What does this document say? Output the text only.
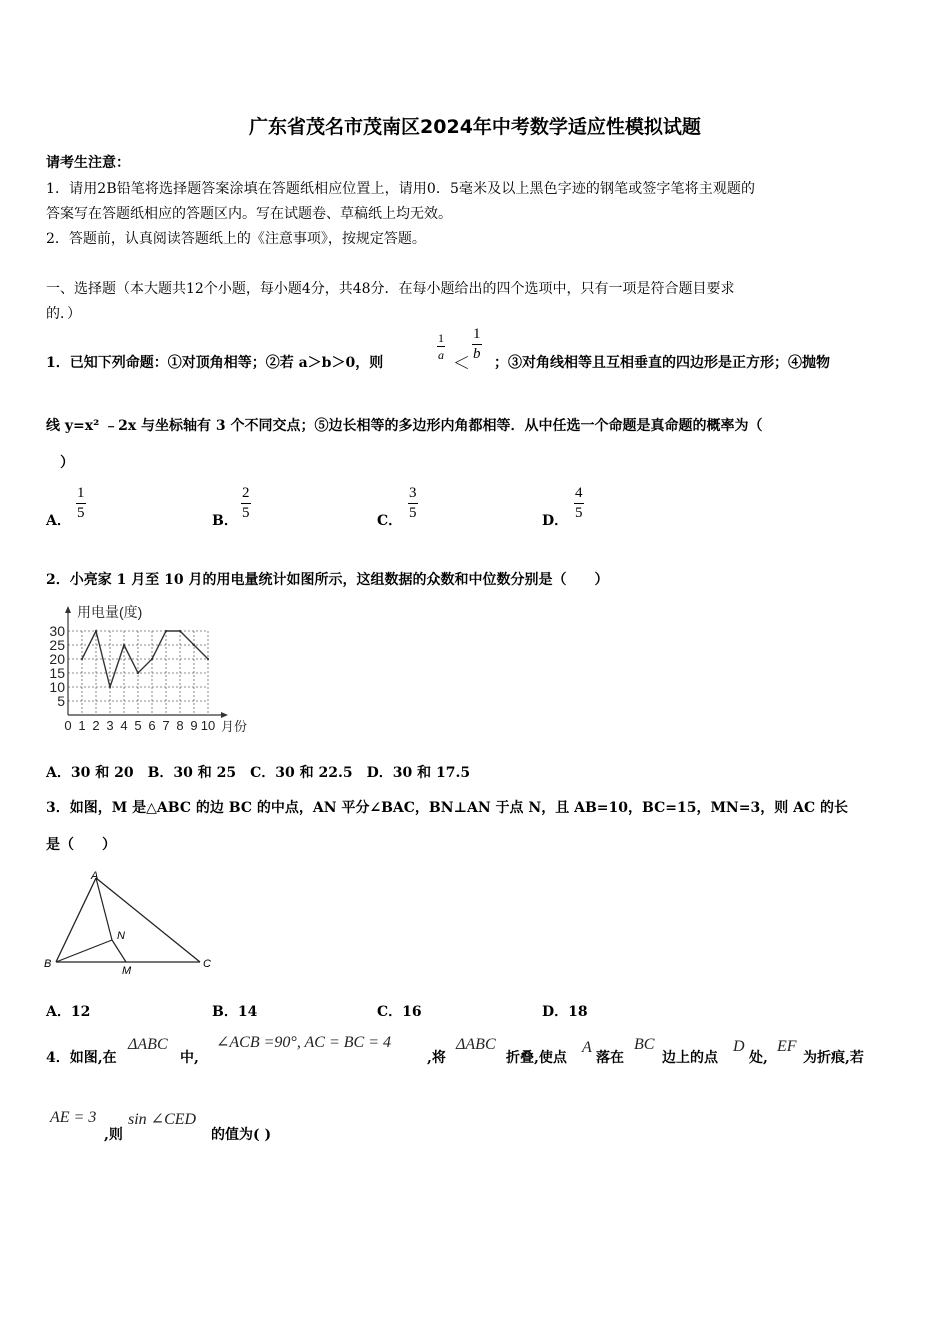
广东省茂名市茂南区2024年中考数学适应性模拟试题
请考生注意：
1．请用2B铅笔将选择题答案涂填在答题纸相应位置上，请用0．5毫米及以上黑色字迹的钢笔或签字笔将主观题的
答案写在答题纸相应的答题区内。写在试题卷、草稿纸上均无效。
2．答题前，认真阅读答题纸上的《注意事项》，按规定答题。
一、选择题（本大题共12个小题，每小题4分，共48分．在每小题给出的四个选项中，只有一项是符合题目要求
的．）
1．已知下列命题：①对顶角相等；②若 a＞b＞0，则
$\frac{1}{a}$
＜
$\frac{1}{b}$
；③对角线相等且互相垂直的四边形是正方形；④抛物
线 y=x² ﹣2x 与坐标轴有 3 个不同交点；⑤边长相等的多边形内角都相等．从中任选一个命题是真命题的概率为（
）
A． $\frac{1}{5}$	B． $\frac{2}{5}$	C． $\frac{3}{5}$	D． $\frac{4}{5}$
2．小亮家 1 月至 10 月的用电量统计如图所示，这组数据的众数和中位数分别是（　　）
5
10
15
20
25
30
0 1 2 3 4 5 6 7 8 9 10
用电量(度)
月份
A．30 和 20　B．30 和 25　C．30 和 22.5　D．30 和 17.5
3．如图，M 是△ABC 的边 BC 的中点，AN 平分∠BAC，BN⊥AN 于点 N，且 AB=10，BC=15，MN=3，则 AC 的长
是（　　）
A
B	C
N
M
A．12	B．14	C．16	D．18
4．如图,在
ΔABC
中,
∠ACB =90°, AC = BC = 4
,将
ΔABC
折叠,使点
A
落在
BC
边上的点
D
处,
EF
为折痕,若
AE = 3
,则
sin ∠CED
的值为( )
